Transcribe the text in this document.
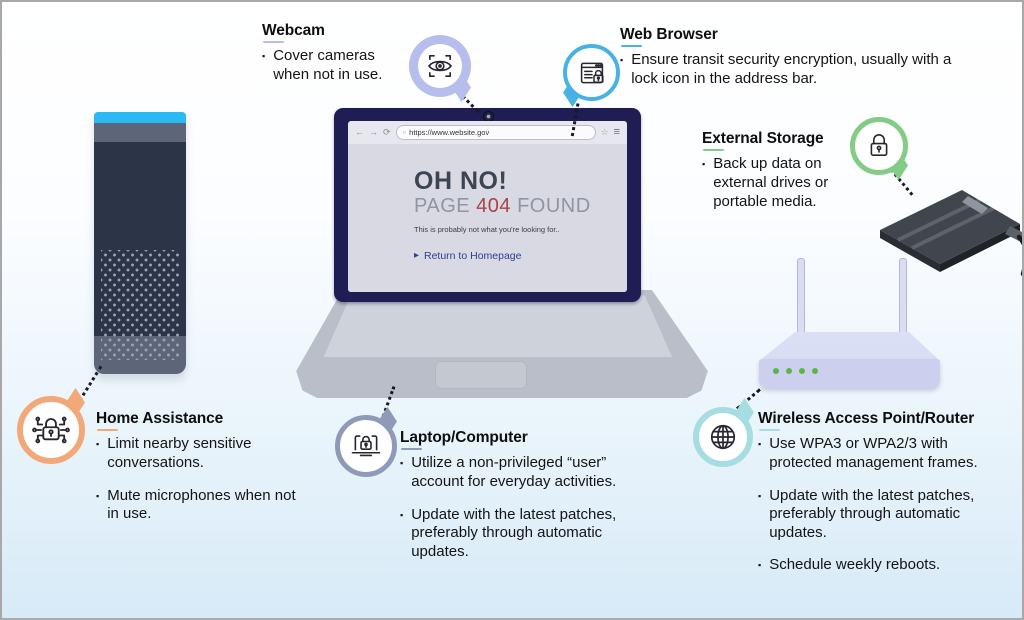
← → ⟳ ○ https://www.website.gov	☆ ≡
OH NO!
PAGE 404 FOUND
This is probably not what you're looking for..
▶ Return to Homepage
Webcam
▪ Cover cameras when not in use.
Web Browser
▪ Ensure transit security encryption, usually with a lock icon in the address bar.
External Storage
▪ Back up data on external drives or portable media.
Home Assistance
▪ Limit nearby sensitive conversations.
▪ Mute microphones when not in use.
Laptop/Computer
▪ Utilize a non-privileged “user” account for everyday activities.
▪ Update with the latest patches, preferably through automatic updates.
Wireless Access Point/Router
▪ Use WPA3 or WPA2/3 with protected management frames.
▪ Update with the latest patches, preferably through automatic updates.
▪ Schedule weekly reboots.
